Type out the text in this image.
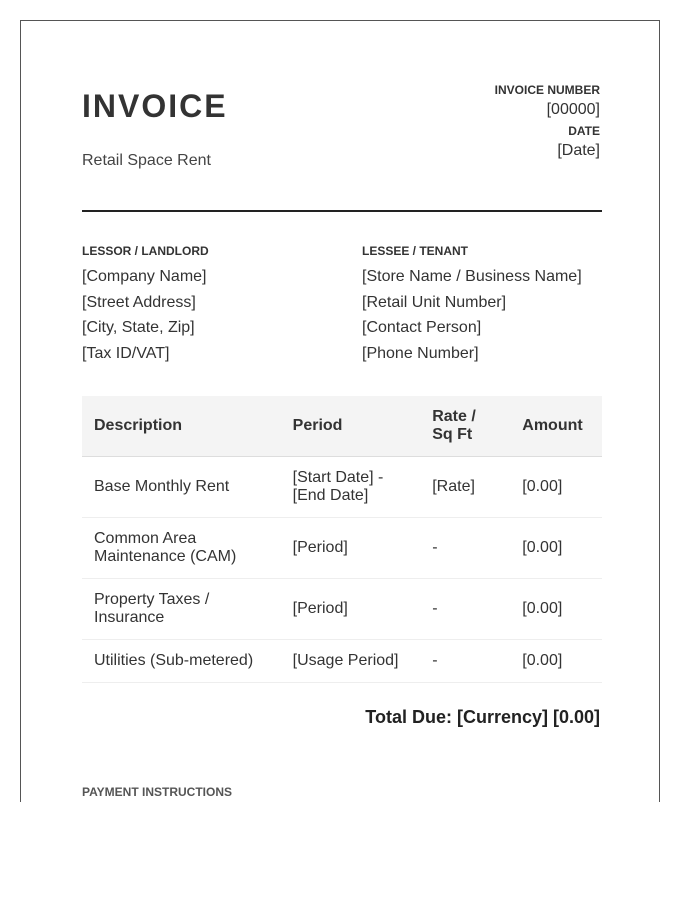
INVOICE
Retail Space Rent
INVOICE NUMBER
[00000]
DATE
[Date]
LESSOR / LANDLORD
[Company Name]
[Street Address]
[City, State, Zip]
[Tax ID/VAT]
LESSEE / TENANT
[Store Name / Business Name]
[Retail Unit Number]
[Contact Person]
[Phone Number]
Description	Period	Rate / Sq Ft	Amount
Base Monthly Rent	[Start Date] - [End Date]	[Rate]	[0.00]
Common Area Maintenance (CAM)	[Period]	-	[0.00]
Property Taxes / Insurance	[Period]	-	[0.00]
Utilities (Sub-metered)	[Usage Period]	-	[0.00]
Total Due: [Currency] [0.00]
PAYMENT INSTRUCTIONS
